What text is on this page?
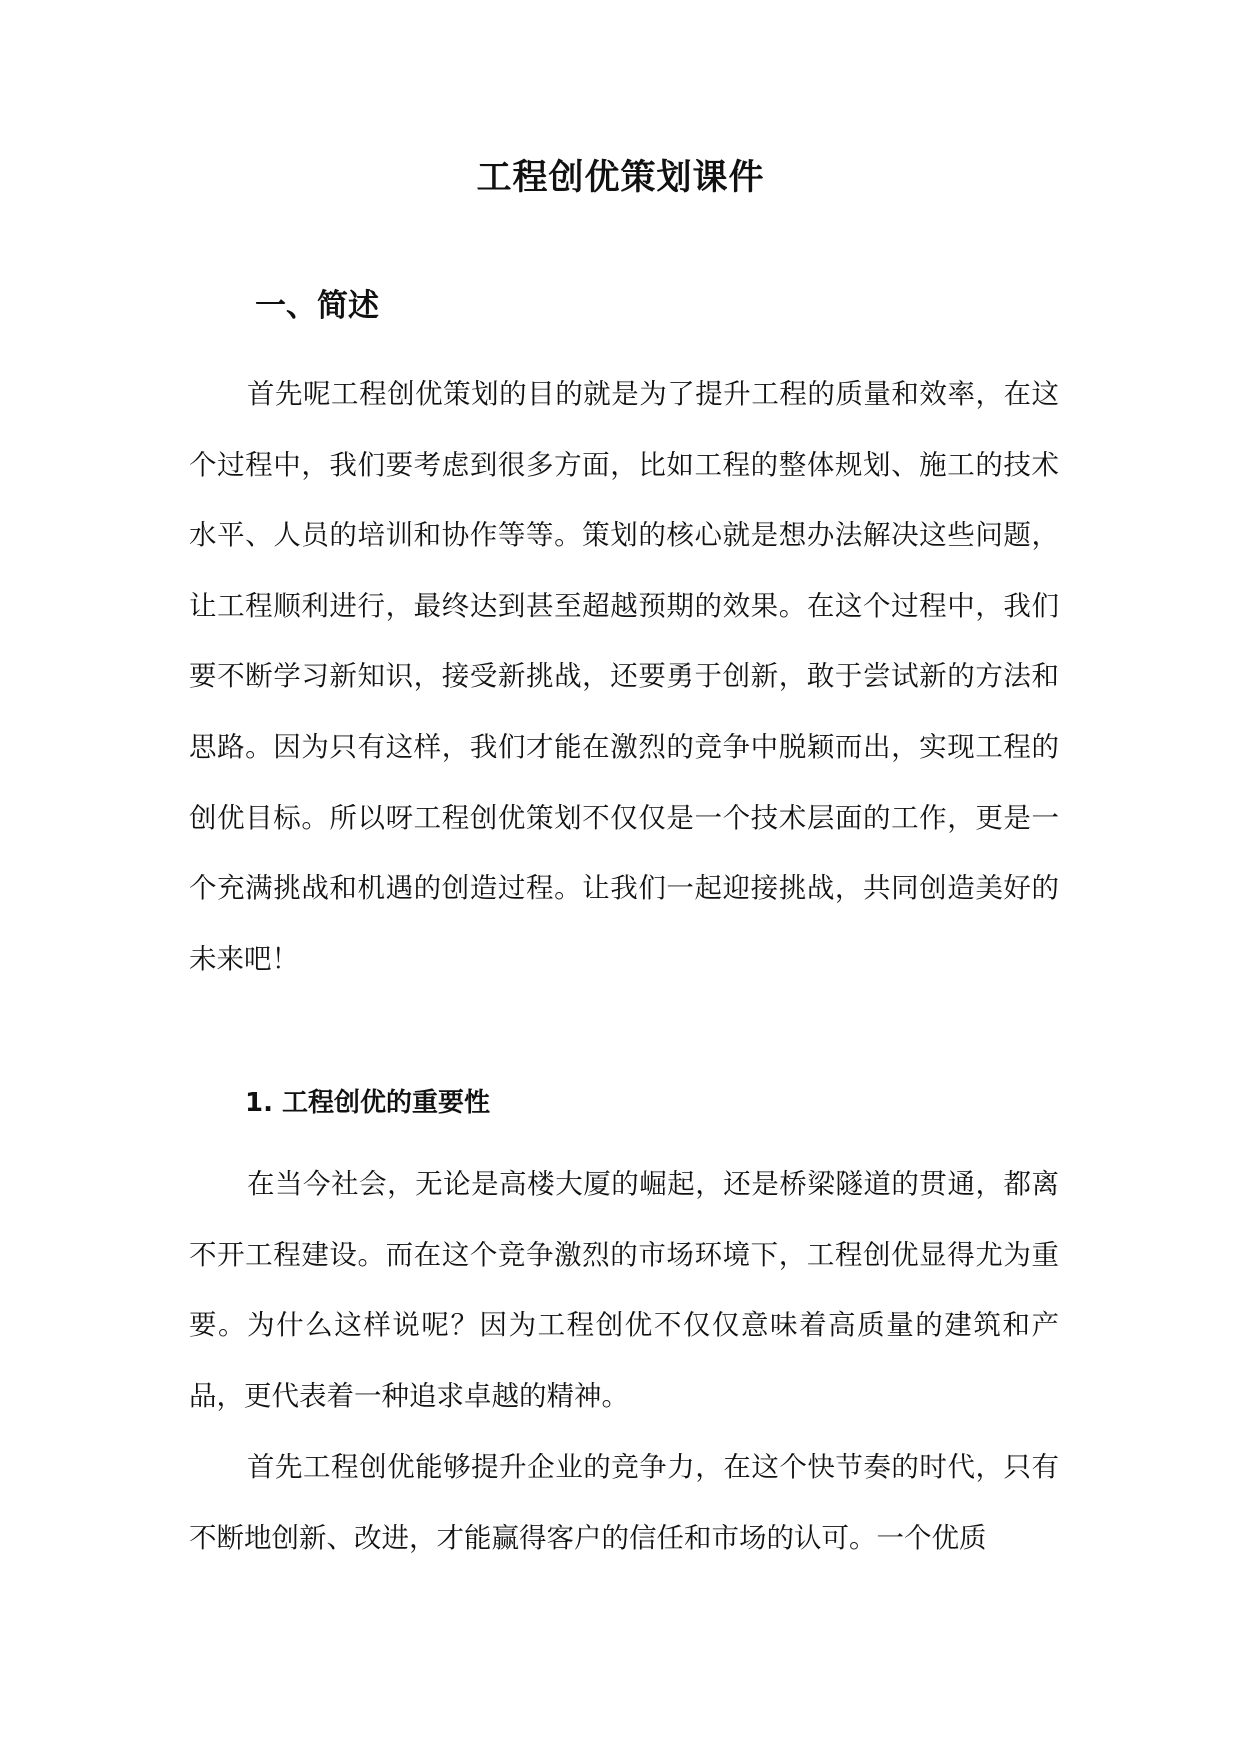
工程创优策划课件
一、简述

首先呢工程创优策划的目的就是为了提升工程的质量和效率，在这个过程中，我们要考虑到很多方面，比如工程的整体规划、施工的技术水平、人员的培训和协作等等。策划的核心就是想办法解决这些问题，让工程顺利进行，最终达到甚至超越预期的效果。在这个过程中，我们要不断学习新知识，接受新挑战，还要勇于创新，敢于尝试新的方法和思路。因为只有这样，我们才能在激烈的竞争中脱颖而出，实现工程的创优目标。所以呀工程创优策划不仅仅是一个技术层面的工作，更是一个充满挑战和机遇的创造过程。让我们一起迎接挑战，共同创造美好的未来吧！

1. 工程创优的重要性

在当今社会，无论是高楼大厦的崛起，还是桥梁隧道的贯通，都离不开工程建设。而在这个竞争激烈的市场环境下，工程创优显得尤为重要。为什么这样说呢？因为工程创优不仅仅意味着高质量的建筑和产品，更代表着一种追求卓越的精神。

首先工程创优能够提升企业的竞争力，在这个快节奏的时代，只有不断地创新、改进，才能赢得客户的信任和市场的认可。一个优质
